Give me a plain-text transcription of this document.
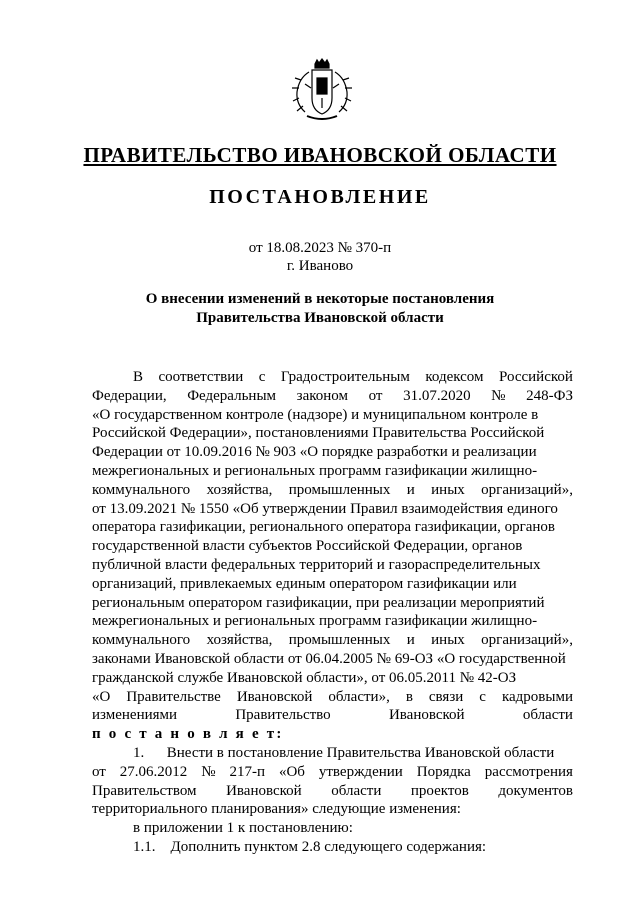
ПРАВИТЕЛЬСТВО ИВАНОВСКОЙ ОБЛАСТИ
ПОСТАНОВЛЕНИЕ
от 18.08.2023 № 370-п
г. Иваново
О внесении изменений в некоторые постановления Правительства Ивановской области
В соответствии с Градостроительным кодексом Российской
Федерации, Федеральным законом от 31.07.2020 № 248-ФЗ
«О государственном контроле (надзоре) и муниципальном контроле в
Российской Федерации», постановлениями Правительства Российской
Федерации от 10.09.2016 № 903 «О порядке разработки и реализации
межрегиональных и региональных программ газификации жилищно-
коммунального хозяйства, промышленных и иных организаций»,
от 13.09.2021 № 1550 «Об утверждении Правил взаимодействия единого
оператора газификации, регионального оператора газификации, органов
государственной власти субъектов Российской Федерации, органов
публичной власти федеральных территорий и газораспределительных
организаций, привлекаемых единым оператором газификации или
региональным оператором газификации, при реализации мероприятий
межрегиональных и региональных программ газификации жилищно-
коммунального хозяйства, промышленных и иных организаций»,
законами Ивановской области от 06.04.2005 № 69-ОЗ «О государственной
гражданской службе Ивановской области», от 06.05.2011 № 42-ОЗ
«О Правительстве Ивановской области», в связи с кадровыми
изменениями	Правительство	Ивановской	области
п о с т а н о в л я е т:
1.      Внести в постановление Правительства Ивановской области
от 27.06.2012 № 217-п «Об утверждении Порядка рассмотрения
Правительством Ивановской области проектов документов
территориального планирования» следующие изменения:
в приложении 1 к постановлению:
1.1.    Дополнить пунктом 2.8 следующего содержания:
